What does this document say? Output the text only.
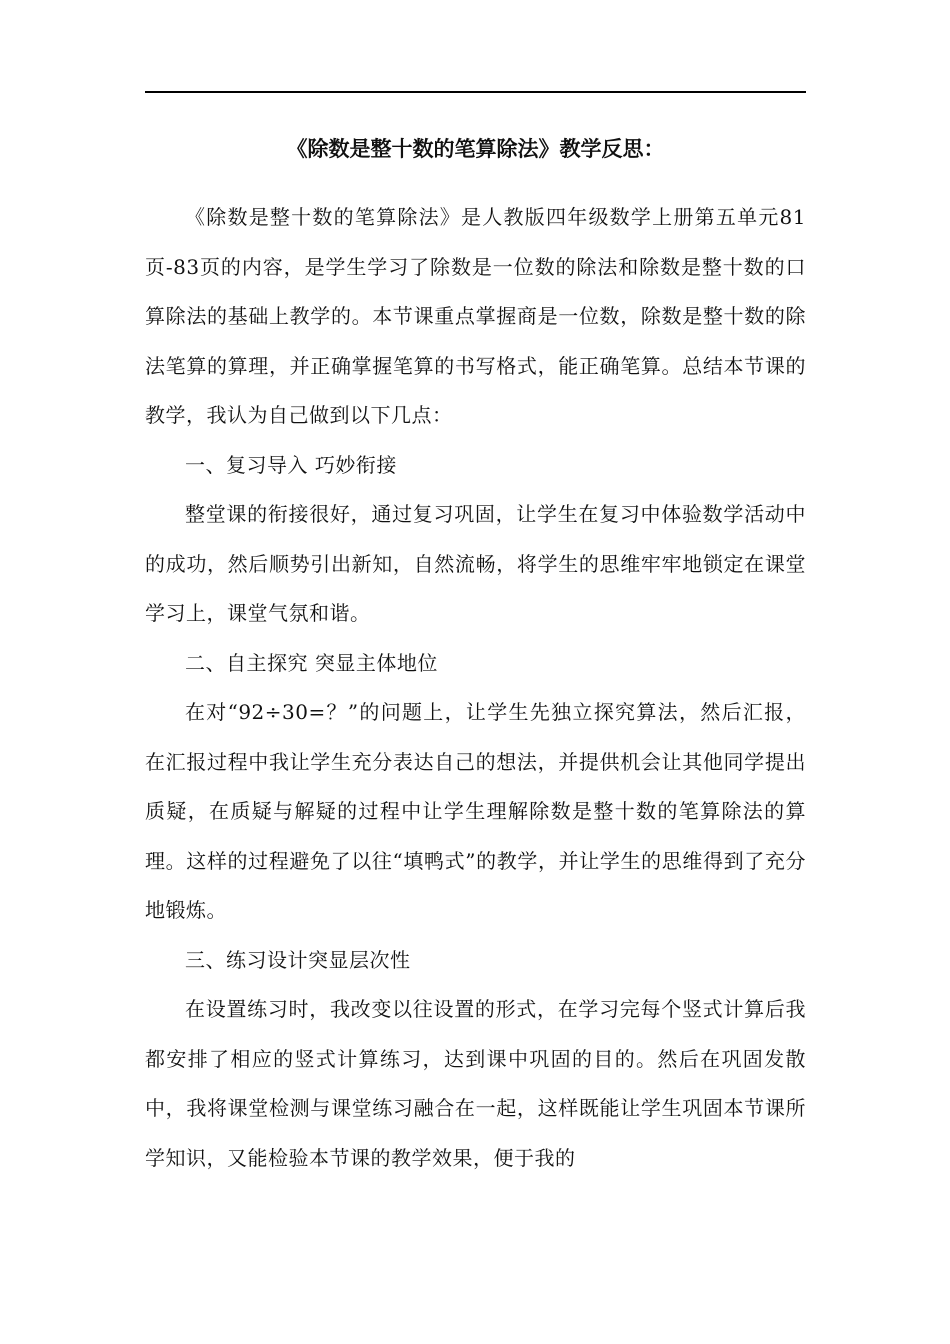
《除数是整十数的笔算除法》教学反思：

《除数是整十数的笔算除法》是人教版四年级数学上册第五单元81页-83页的内容，是学生学习了除数是一位数的除法和除数是整十数的口算除法的基础上教学的。本节课重点掌握商是一位数，除数是整十数的除法笔算的算理，并正确掌握笔算的书写格式，能正确笔算。总结本节课的教学，我认为自己做到以下几点：

一、复习导入 巧妙衔接

整堂课的衔接很好，通过复习巩固，让学生在复习中体验数学活动中的成功，然后顺势引出新知，自然流畅，将学生的思维牢牢地锁定在课堂学习上，课堂气氛和谐。

二、自主探究 突显主体地位

在对“92÷30=？”的问题上，让学生先独立探究算法，然后汇报，在汇报过程中我让学生充分表达自己的想法，并提供机会让其他同学提出质疑，在质疑与解疑的过程中让学生理解除数是整十数的笔算除法的算理。这样的过程避免了以往“填鸭式”的教学，并让学生的思维得到了充分地锻炼。

三、练习设计突显层次性

在设置练习时，我改变以往设置的形式，在学习完每个竖式计算后我都安排了相应的竖式计算练习，达到课中巩固的目的。然后在巩固发散中，我将课堂检测与课堂练习融合在一起，这样既能让学生巩固本节课所学知识，又能检验本节课的教学效果，便于我的
